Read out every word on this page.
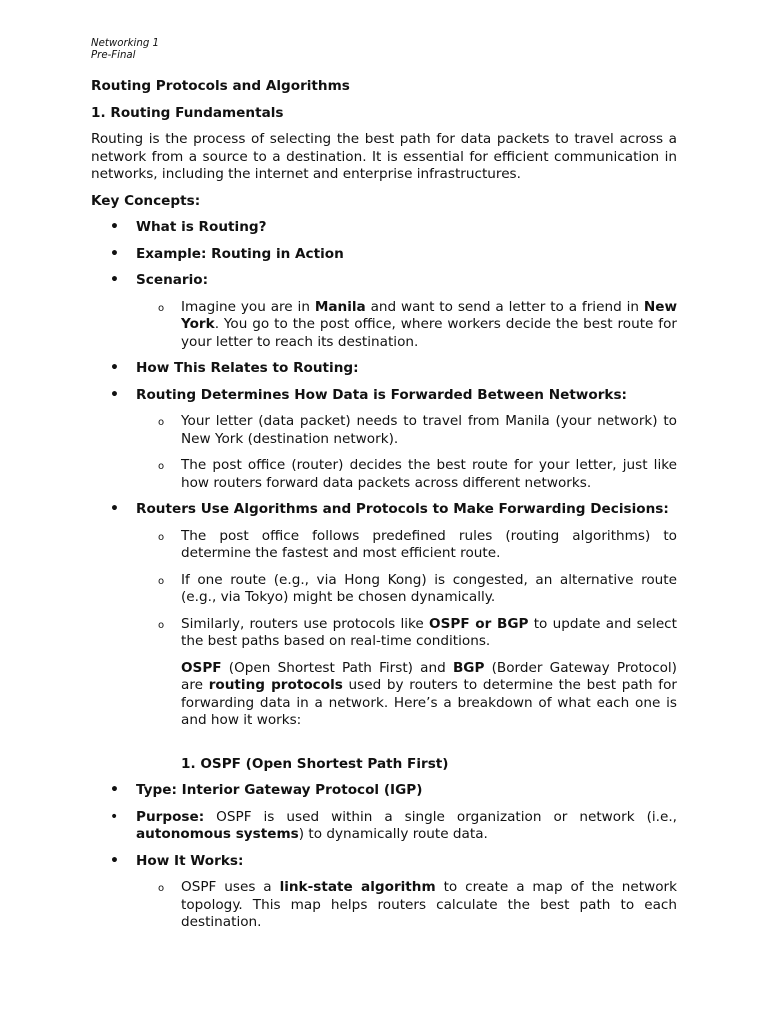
Networking 1
Pre-Final
Routing Protocols and Algorithms
1. Routing Fundamentals

Routing is the process of selecting the best path for data packets to travel across a network from a source to a destination. It is essential for efficient communication in networks, including the internet and enterprise infrastructures.

Key Concepts:
• What is Routing?
• Example: Routing in Action
• Scenario:
o Imagine you are in Manila and want to send a letter to a friend in New York. You go to the post office, where workers decide the best route for your letter to reach its destination.
• How This Relates to Routing:
• Routing Determines How Data is Forwarded Between Networks:
o Your letter (data packet) needs to travel from Manila (your network) to New York (destination network).
o The post office (router) decides the best route for your letter, just like how routers forward data packets across different networks.
• Routers Use Algorithms and Protocols to Make Forwarding Decisions:
o The post office follows predefined rules (routing algorithms) to determine the fastest and most efficient route.
o If one route (e.g., via Hong Kong) is congested, an alternative route (e.g., via Tokyo) might be chosen dynamically.
o Similarly, routers use protocols like OSPF or BGP to update and select the best paths based on real-time conditions.

OSPF (Open Shortest Path First) and BGP (Border Gateway Protocol) are routing protocols used by routers to determine the best path for forwarding data in a network. Here’s a breakdown of what each one is and how it works:

1. OSPF (Open Shortest Path First)
• Type: Interior Gateway Protocol (IGP)
• Purpose: OSPF is used within a single organization or network (i.e., autonomous systems) to dynamically route data.
• How It Works:
o OSPF uses a link-state algorithm to create a map of the network topology. This map helps routers calculate the best path to each destination.
